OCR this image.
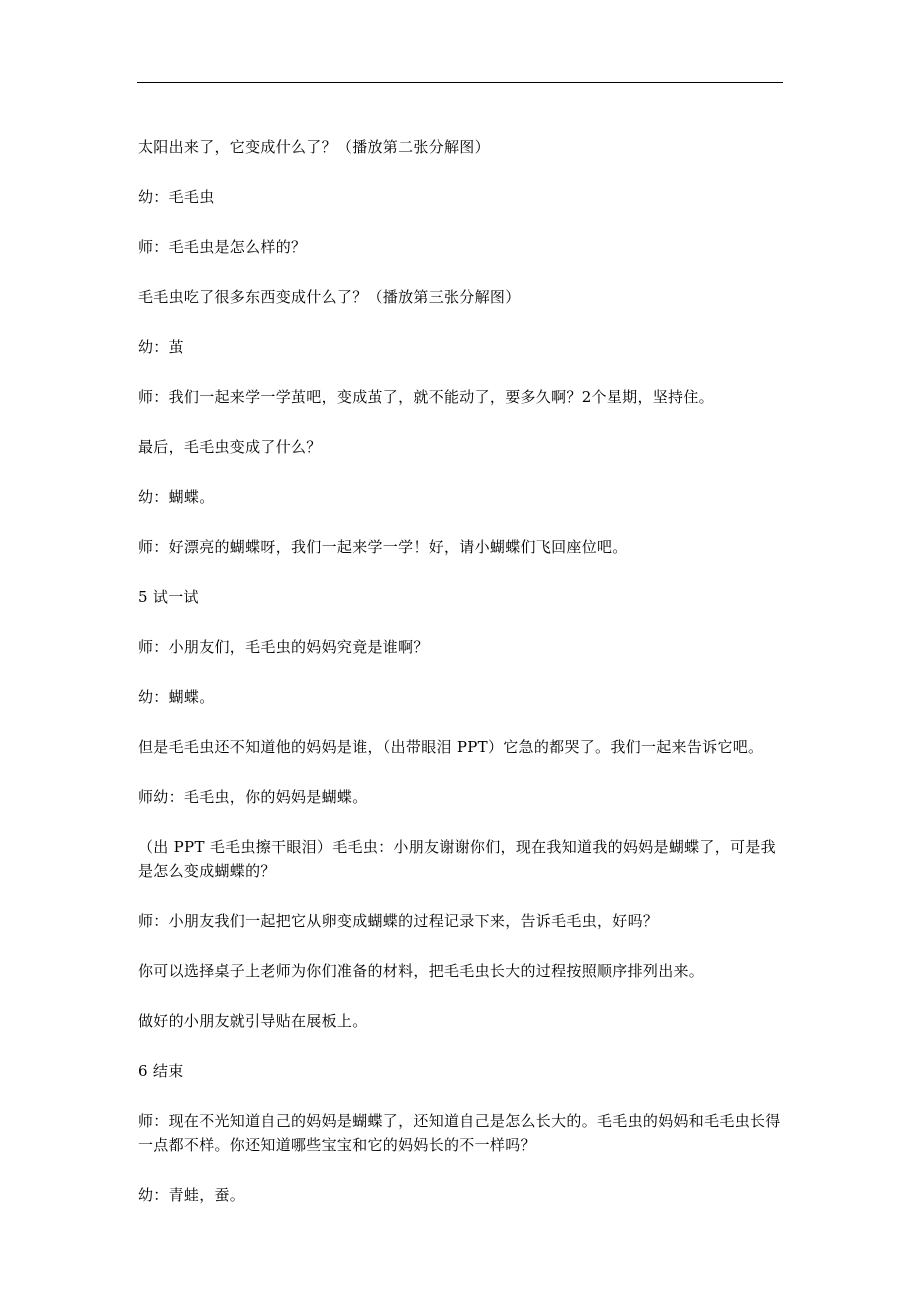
太阳出来了，它变成什么了？（播放第二张分解图）

幼：毛毛虫

师：毛毛虫是怎么样的？

毛毛虫吃了很多东西变成什么了？（播放第三张分解图）

幼：茧

师：我们一起来学一学茧吧，变成茧了，就不能动了，要多久啊？2个星期，坚持住。

最后，毛毛虫变成了什么？

幼：蝴蝶。

师：好漂亮的蝴蝶呀，我们一起来学一学！好，请小蝴蝶们飞回座位吧。

5 试一试

师：小朋友们，毛毛虫的妈妈究竟是谁啊？

幼：蝴蝶。

但是毛毛虫还不知道他的妈妈是谁，（出带眼泪 PPT）它急的都哭了。我们一起来告诉它吧。

师幼：毛毛虫，你的妈妈是蝴蝶。

（出 PPT 毛毛虫擦干眼泪）毛毛虫：小朋友谢谢你们，现在我知道我的妈妈是蝴蝶了，可是我是怎么变成蝴蝶的？

师：小朋友我们一起把它从卵变成蝴蝶的过程记录下来，告诉毛毛虫，好吗？

你可以选择桌子上老师为你们准备的材料，把毛毛虫长大的过程按照顺序排列出来。

做好的小朋友就引导贴在展板上。

6 结束

师：现在不光知道自己的妈妈是蝴蝶了，还知道自己是怎么长大的。毛毛虫的妈妈和毛毛虫长得一点都不样。你还知道哪些宝宝和它的妈妈长的不一样吗？

幼：青蛙，蚕。
